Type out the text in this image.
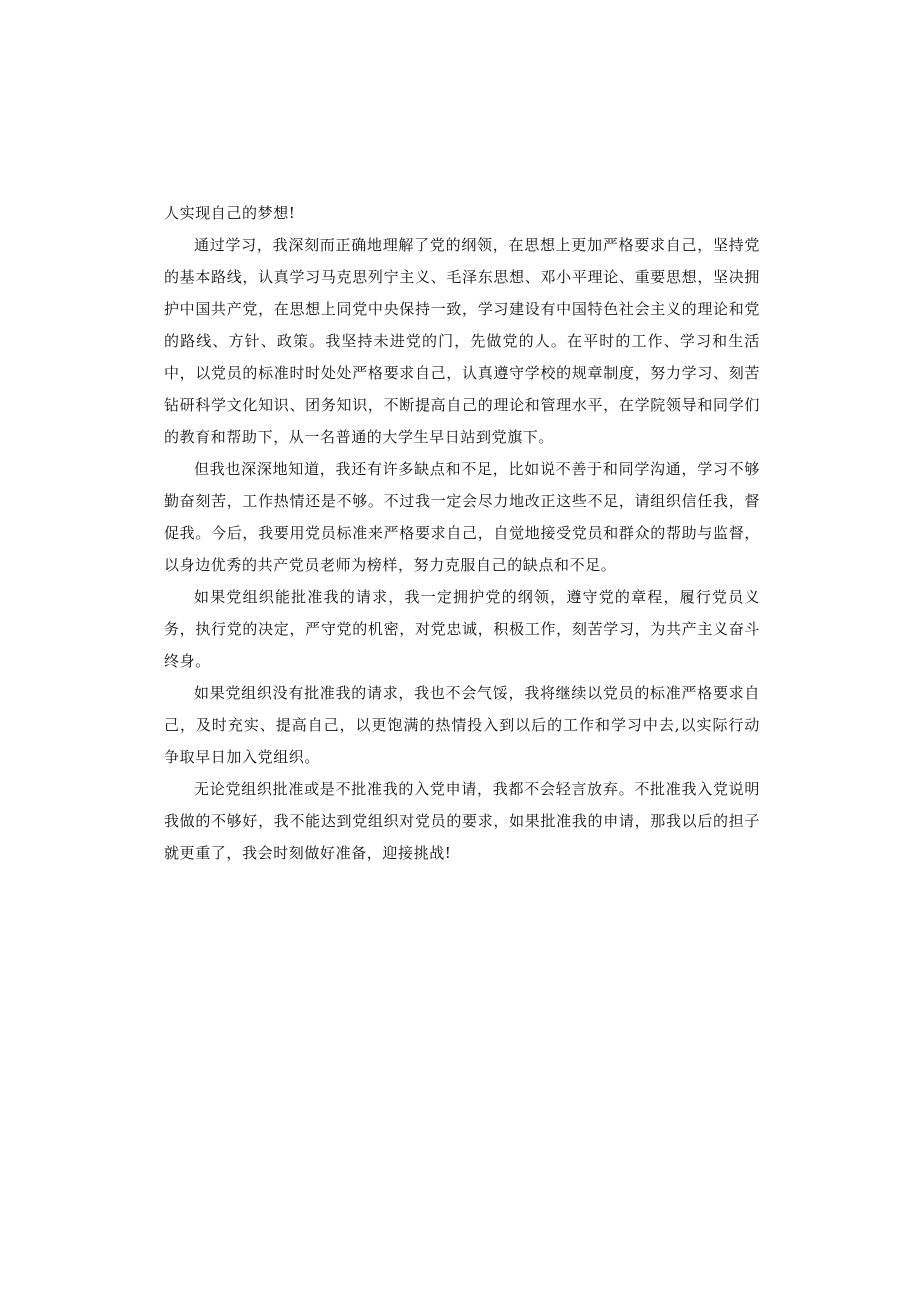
人实现自己的梦想!

通过学习，我深刻而正确地理解了党的纲领，在思想上更加严格要求自己，坚持党的基本路线，认真学习马克思列宁主义、毛泽东思想、邓小平理论、重要思想，坚决拥护中国共产党，在思想上同党中央保持一致，学习建设有中国特色社会主义的理论和党的路线、方针、政策。我坚持未进党的门，先做党的人。在平时的工作、学习和生活中，以党员的标准时时处处严格要求自己，认真遵守学校的规章制度，努力学习、刻苦钻研科学文化知识、团务知识，不断提高自己的理论和管理水平，在学院领导和同学们的教育和帮助下，从一名普通的大学生早日站到党旗下。

但我也深深地知道，我还有许多缺点和不足，比如说不善于和同学沟通，学习不够勤奋刻苦，工作热情还是不够。不过我一定会尽力地改正这些不足，请组织信任我，督促我。今后，我要用党员标准来严格要求自己，自觉地接受党员和群众的帮助与监督，以身边优秀的共产党员老师为榜样，努力克服自己的缺点和不足。

如果党组织能批准我的请求，我一定拥护党的纲领，遵守党的章程，履行党员义务，执行党的决定，严守党的机密，对党忠诚，积极工作，刻苦学习，为共产主义奋斗终身。

如果党组织没有批准我的请求，我也不会气馁，我将继续以党员的标准严格要求自己，及时充实、提高自己，以更饱满的热情投入到以后的工作和学习中去,以实际行动争取早日加入党组织。

无论党组织批准或是不批准我的入党申请，我都不会轻言放弃。不批准我入党说明我做的不够好，我不能达到党组织对党员的要求，如果批准我的申请，那我以后的担子就更重了，我会时刻做好准备，迎接挑战!
